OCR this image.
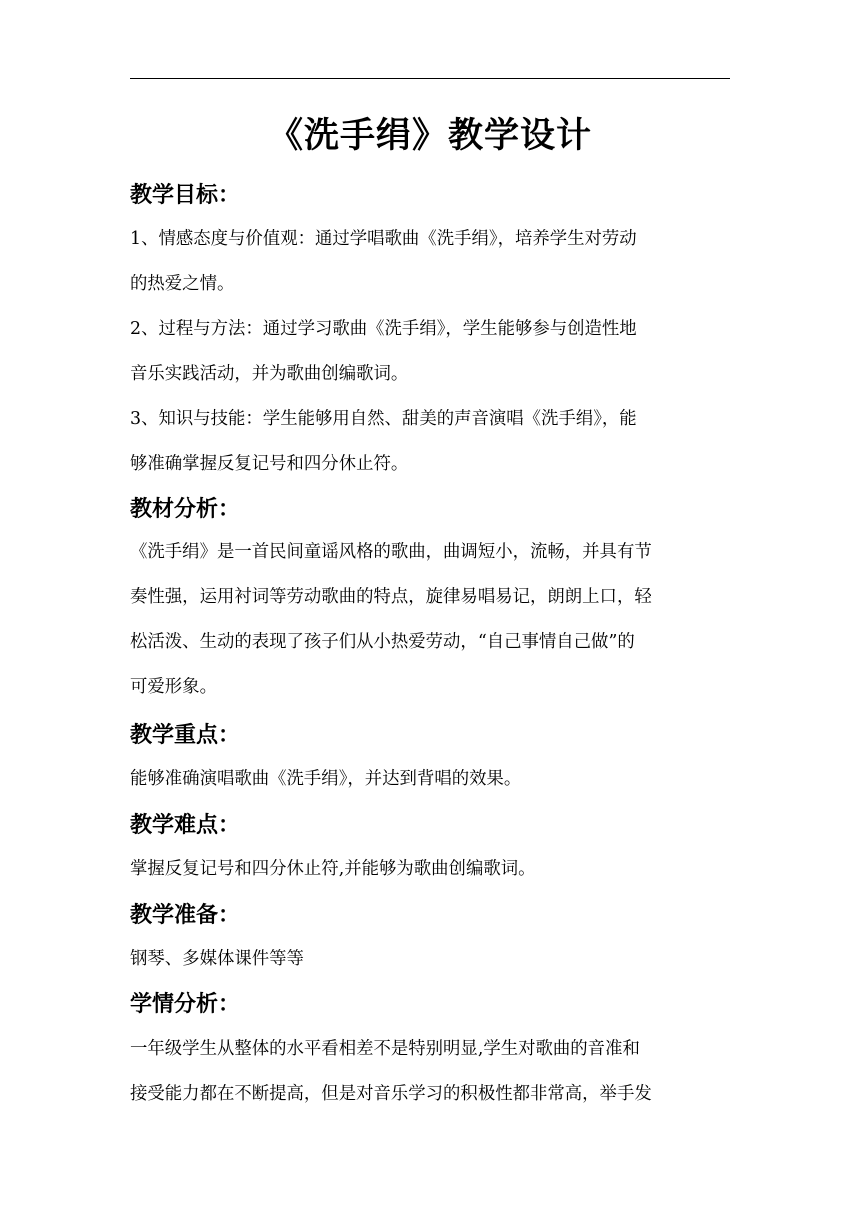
《洗手绢》教学设计
教学目标：
1、情感态度与价值观：通过学唱歌曲《洗手绢》，培养学生对劳动
的热爱之情。
2、过程与方法：通过学习歌曲《洗手绢》，学生能够参与创造性地
音乐实践活动，并为歌曲创编歌词。
3、知识与技能：学生能够用自然、甜美的声音演唱《洗手绢》，能
够准确掌握反复记号和四分休止符。
教材分析：
《洗手绢》是一首民间童谣风格的歌曲，曲调短小，流畅，并具有节
奏性强，运用衬词等劳动歌曲的特点，旋律易唱易记，朗朗上口，轻
松活泼、生动的表现了孩子们从小热爱劳动，“自己事情自己做”的
可爱形象。
教学重点：
能够准确演唱歌曲《洗手绢》，并达到背唱的效果。
教学难点：
掌握反复记号和四分休止符,并能够为歌曲创编歌词。
教学准备：
钢琴、多媒体课件等等
学情分析：
一年级学生从整体的水平看相差不是特别明显,学生对歌曲的音准和
接受能力都在不断提高，但是对音乐学习的积极性都非常高，举手发
